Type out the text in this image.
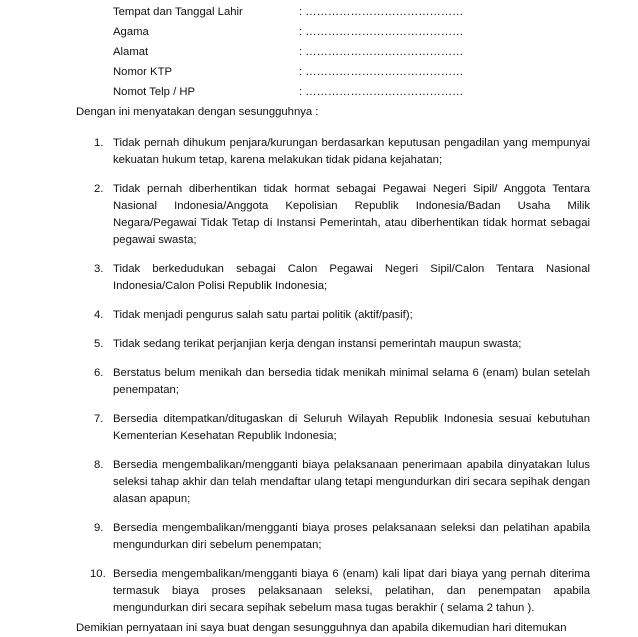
Tempat dan Tanggal Lahir	: ……………………………………
Agama	: ……………………………………
Alamat	: ……………………………………
Nomor KTP	: ……………………………………
Nomot Telp / HP	: ……………………………………
Dengan ini menyatakan dengan sesungguhnya :
1. Tidak pernah dihukum penjara/kurungan berdasarkan keputusan pengadilan yang mempunyai kekuatan hukum tetap, karena melakukan tidak pidana kejahatan;
2. Tidak pernah diberhentikan tidak hormat sebagai Pegawai Negeri Sipil/ Anggota Tentara Nasional Indonesia/Anggota Kepolisian Republik Indonesia/Badan Usaha Milik Negara/Pegawai Tidak Tetap di Instansi Pemerintah, atau diberhentikan tidak hormat sebagai pegawai swasta;
3. Tidak berkedudukan sebagai Calon Pegawai Negeri Sipil/Calon Tentara Nasional Indonesia/Calon Polisi Republik Indonesia;
4. Tidak menjadi pengurus salah satu partai politik (aktif/pasif);
5. Tidak sedang terikat perjanjian kerja dengan instansi pemerintah maupun swasta;
6. Berstatus belum menikah dan bersedia tidak menikah minimal selama 6 (enam) bulan setelah penempatan;
7. Bersedia ditempatkan/ditugaskan di Seluruh Wilayah Republik Indonesia sesuai kebutuhan Kementerian Kesehatan Republik Indonesia;
8. Bersedia mengembalikan/mengganti biaya pelaksanaan penerimaan apabila dinyatakan lulus seleksi tahap akhir dan telah mendaftar ulang tetapi mengundurkan diri secara sepihak dengan alasan apapun;
9. Bersedia mengembalikan/mengganti biaya proses pelaksanaan seleksi dan pelatihan apabila mengundurkan diri sebelum penempatan;
10. Bersedia mengembalikan/mengganti biaya 6 (enam) kali lipat dari biaya yang pernah diterima termasuk biaya proses pelaksanaan seleksi, pelatihan, dan penempatan apabila mengundurkan diri secara sepihak sebelum masa tugas berakhir ( selama 2 tahun ).
Demikian pernyataan ini saya buat dengan sesungguhnya dan apabila dikemudian hari ditemukan
